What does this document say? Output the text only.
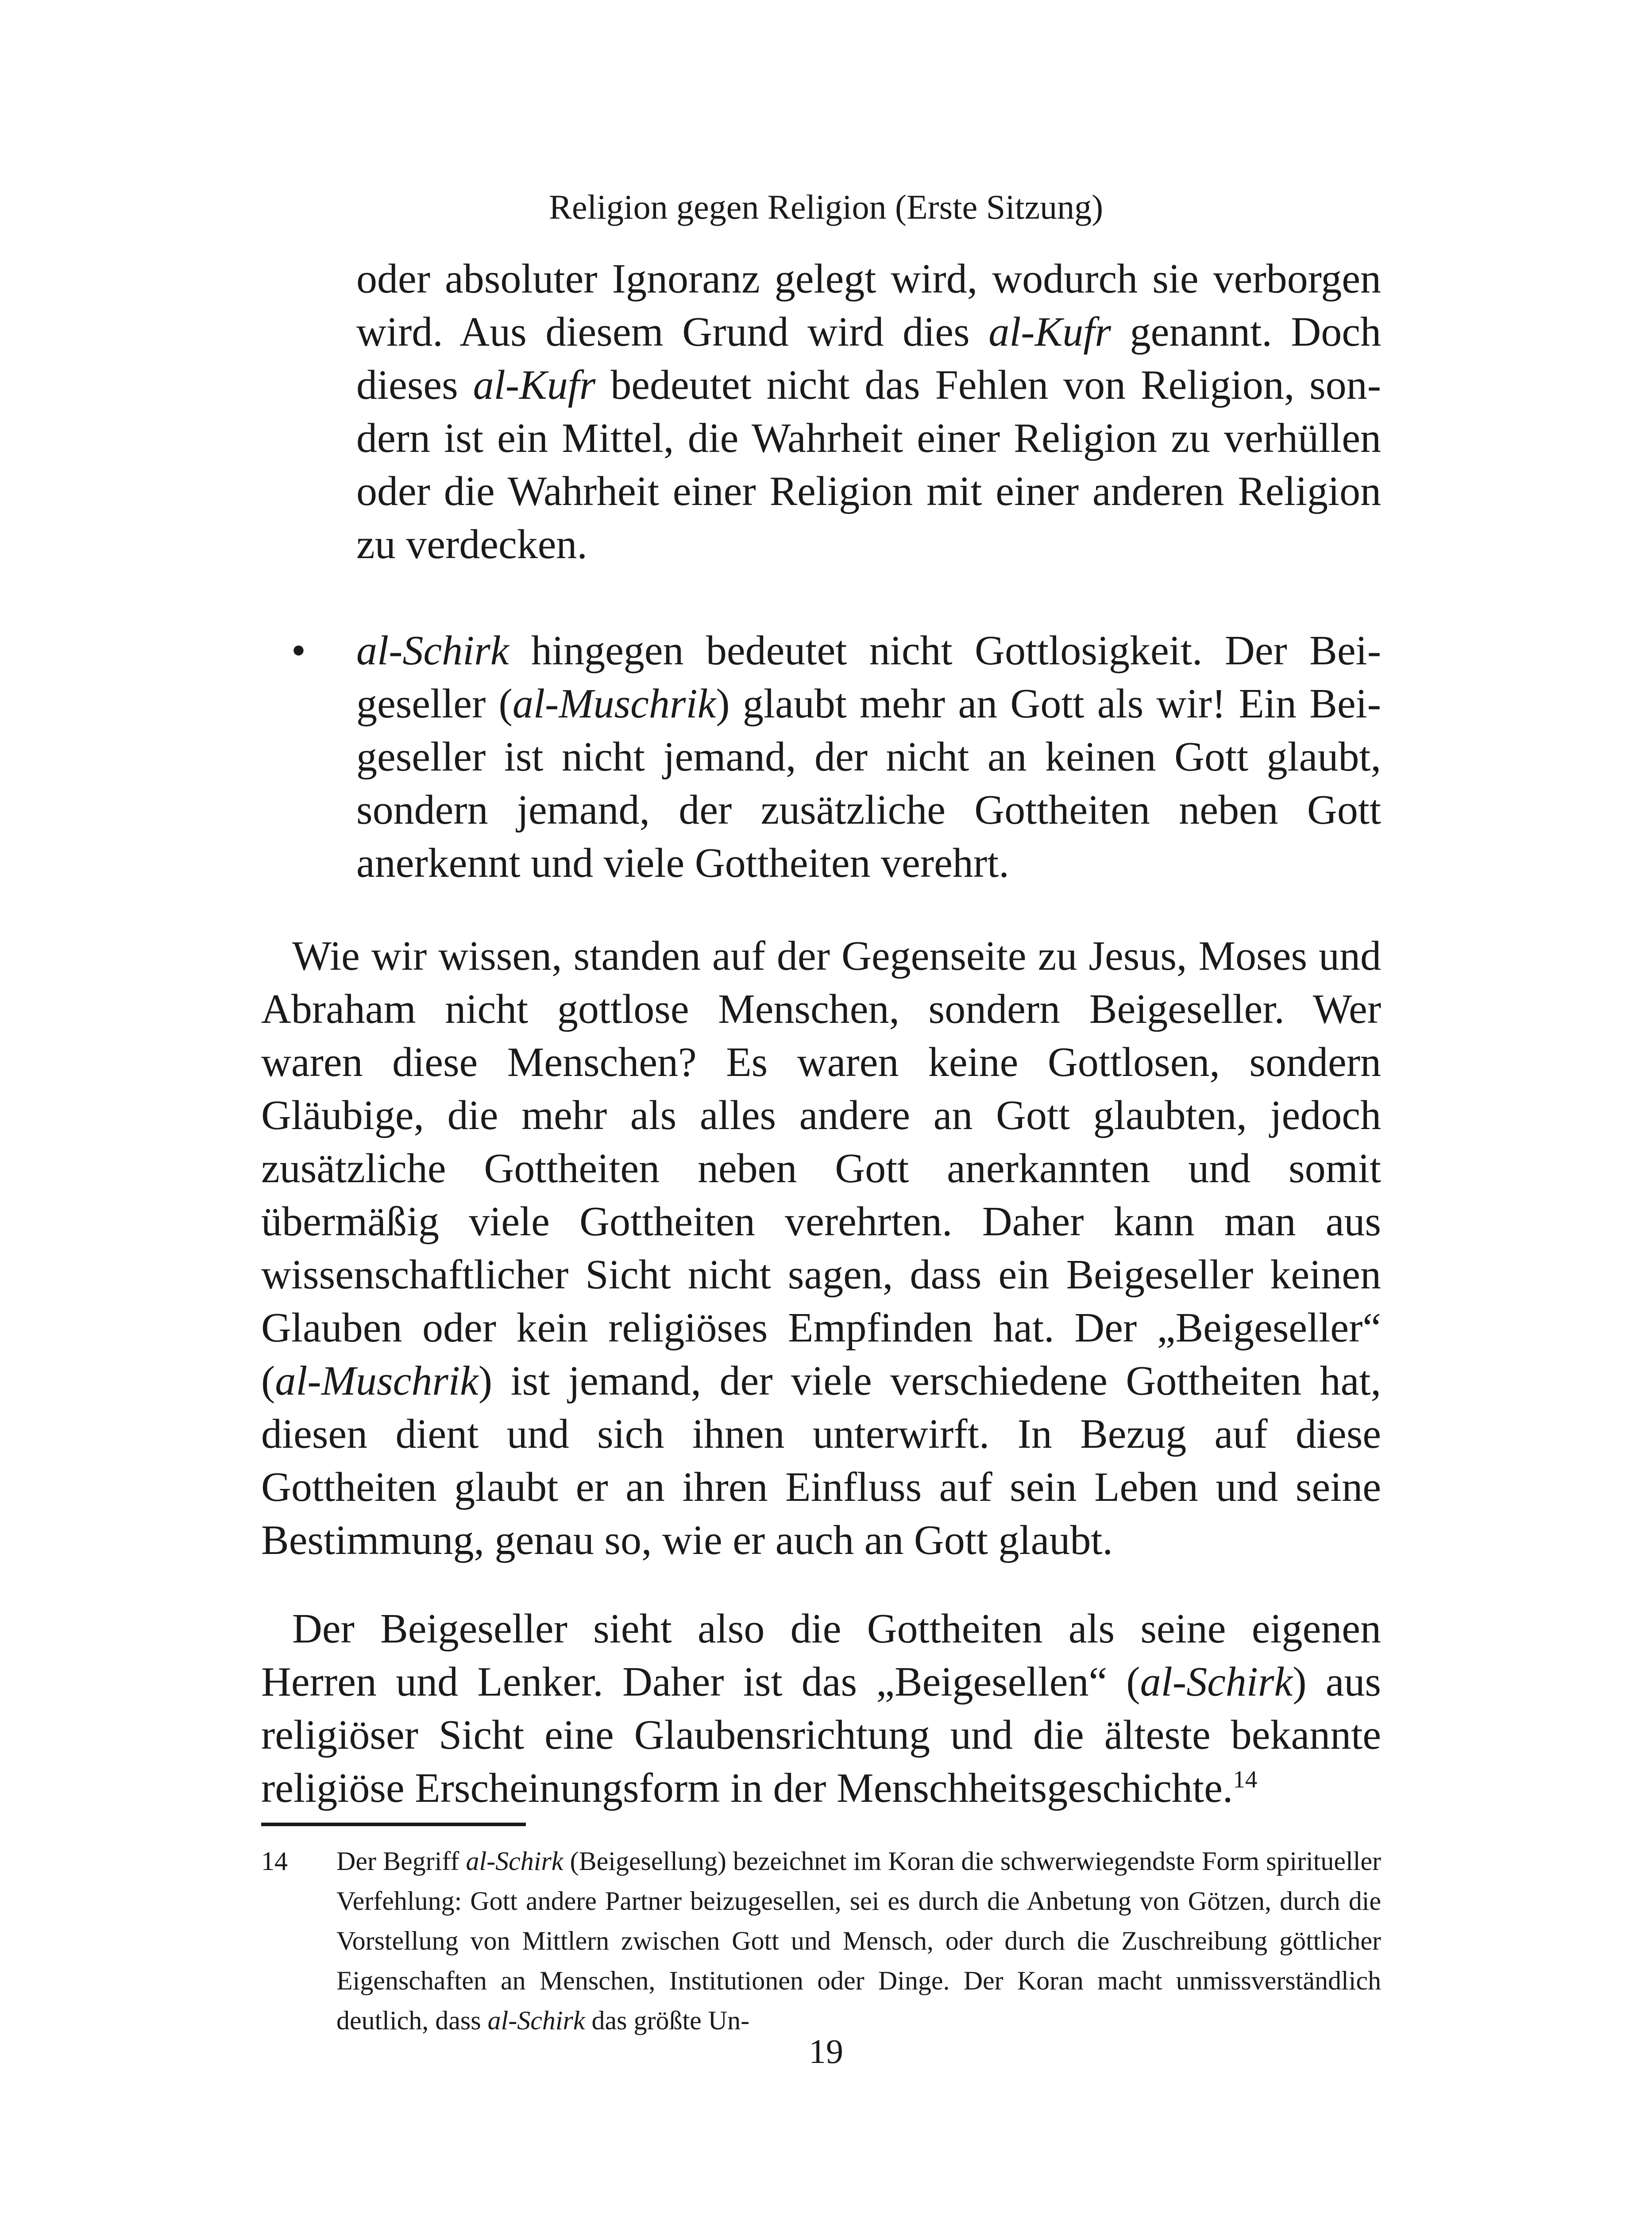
Religion gegen Religion (Erste Sitzung)
oder absoluter Ignoranz gelegt wird, wodurch sie verborgen wird. Aus diesem Grund wird dies al-Kufr genannt. Doch dieses al-Kufr bedeutet nicht das Fehlen von Religion, sondern ist ein Mittel, die Wahrheit einer Religion zu verhüllen oder die Wahrheit einer Religion mit einer anderen Religion zu verdecken.
• al-Schirk hingegen bedeutet nicht Gottlosigkeit. Der Beigeseller (al-Muschrik) glaubt mehr an Gott als wir! Ein Beigeseller ist nicht jemand, der nicht an keinen Gott glaubt, sondern jemand, der zusätzliche Gottheiten neben Gott anerkennt und viele Gottheiten verehrt.

Wie wir wissen, standen auf der Gegenseite zu Jesus, Moses und Abraham nicht gottlose Menschen, sondern Beigeseller. Wer waren diese Menschen? Es waren keine Gottlosen, sondern Gläubige, die mehr als alles andere an Gott glaubten, jedoch zusätzliche Gottheiten neben Gott anerkannten und somit übermäßig viele Gottheiten verehrten. Daher kann man aus wissenschaftlicher Sicht nicht sagen, dass ein Beigeseller keinen Glauben oder kein religiöses Empfinden hat. Der „Beigeseller“ (al-Muschrik) ist jemand, der viele verschiedene Gottheiten hat, diesen dient und sich ihnen unterwirft. In Bezug auf diese Gottheiten glaubt er an ihren Einfluss auf sein Leben und seine Bestimmung, genau so, wie er auch an Gott glaubt.

Der Beigeseller sieht also die Gottheiten als seine eigenen Herren und Lenker. Daher ist das „Beigesellen“ (al-Schirk) aus religiöser Sicht eine Glaubensrichtung und die älteste bekannte religiöse Erscheinungsform in der Menschheitsgeschichte.$^{14}$

14 Der Begriff al-Schirk (Beigesellung) bezeichnet im Koran die schwerwiegendste Form spiritueller Verfehlung: Gott andere Partner beizugesellen, sei es durch die Anbetung von Götzen, durch die Vorstellung von Mittlern zwischen Gott und Mensch, oder durch die Zuschreibung göttlicher Eigenschaften an Menschen, Institutionen oder Dinge. Der Koran macht unmissverständlich deutlich, dass al-Schirk das größte Un-
19
